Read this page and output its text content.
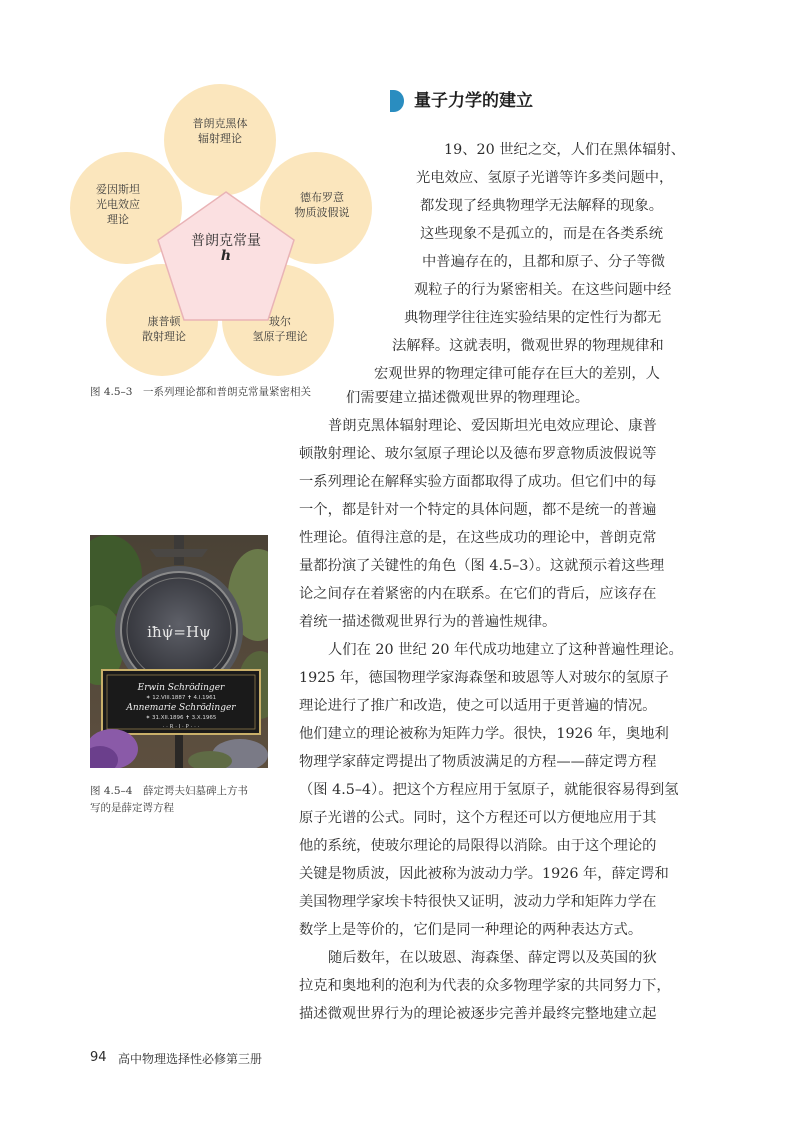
普朗克黑体
辐射理论
德布罗意
物质波假说
玻尔
氢原子理论
康普顿
散射理论
爱因斯坦
光电效应
理论
普朗克常量
h
图 4.5–3　一系列理论都和普朗克常量紧密相关
量子力学的建立
19、20 世纪之交，人们在黑体辐射、
光电效应、氢原子光谱等许多类问题中，
都发现了经典物理学无法解释的现象。
这些现象不是孤立的，而是在各类系统
中普遍存在的，且都和原子、分子等微
观粒子的行为紧密相关。在这些问题中经
典物理学往往连实验结果的定性行为都无
法解释。这就表明，微观世界的物理规律和
宏观世界的物理定律可能存在巨大的差别，人
们需要建立描述微观世界的物理理论。
普朗克黑体辐射理论、爱因斯坦光电效应理论、康普
顿散射理论、玻尔氢原子理论以及德布罗意物质波假说等
一系列理论在解释实验方面都取得了成功。但它们中的每
一个，都是针对一个特定的具体问题，都不是统一的普遍
性理论。值得注意的是，在这些成功的理论中，普朗克常
量都扮演了关键性的角色（图 4.5–3）。这就预示着这些理
论之间存在着紧密的内在联系。在它们的背后，应该存在
着统一描述微观世界行为的普遍性规律。
人们在 20 世纪 20 年代成功地建立了这种普遍性理论。
1925 年，德国物理学家海森堡和玻恩等人对玻尔的氢原子
理论进行了推广和改造，使之可以适用于更普遍的情况。
他们建立的理论被称为矩阵力学。很快，1926 年，奥地利
物理学家薛定谔提出了物质波满足的方程——薛定谔方程
（图 4.5–4）。把这个方程应用于氢原子，就能很容易得到氢
原子光谱的公式。同时，这个方程还可以方便地应用于其
他的系统，使玻尔理论的局限得以消除。由于这个理论的
关键是物质波，因此被称为波动力学。1926 年，薛定谔和
美国物理学家埃卡特很快又证明，波动力学和矩阵力学在
数学上是等价的，它们是同一种理论的两种表达方式。
随后数年，在以玻恩、海森堡、薛定谔以及英国的狄
拉克和奥地利的泡利为代表的众多物理学家的共同努力下，
描述微观世界行为的理论被逐步完善并最终完整地建立起
iħψ̇=Hψ
Erwin Schrödinger
✶ 12.VIII.1887 ✝ 4.I.1961
Annemarie Schrödinger
✶ 31.XII.1896 ✝ 3.X.1965
· · R · I · P · · ·
图 4.5–4　薛定谔夫妇墓碑上方书
写的是薛定谔方程
94 高中物理选择性必修第三册
